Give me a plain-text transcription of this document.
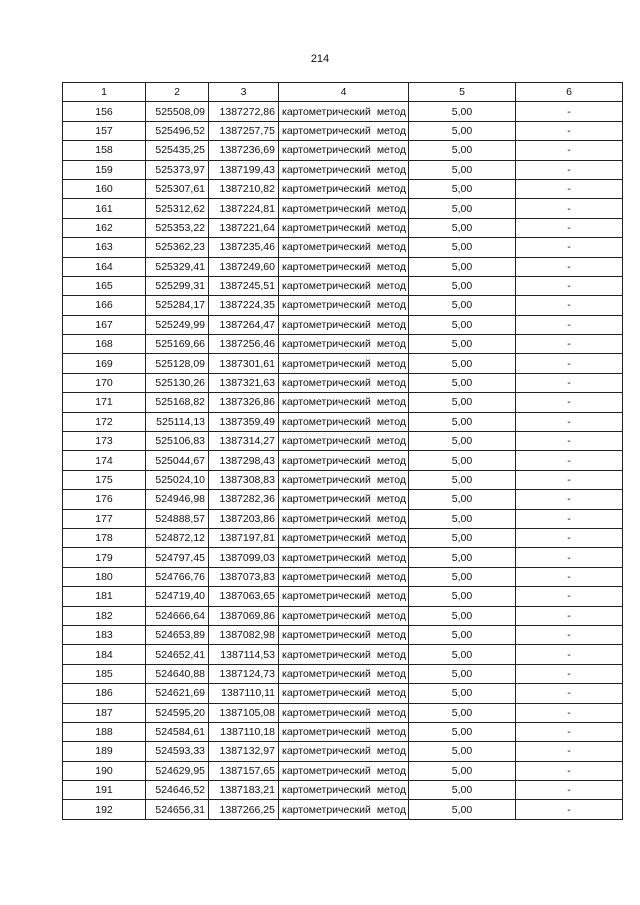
214
1	2	3	4	5	6
156	525508,09	1387272,86	картометрический метод	5,00	-
157	525496,52	1387257,75	картометрический метод	5,00	-
158	525435,25	1387236,69	картометрический метод	5,00	-
159	525373,97	1387199,43	картометрический метод	5,00	-
160	525307,61	1387210,82	картометрический метод	5,00	-
161	525312,62	1387224,81	картометрический метод	5,00	-
162	525353,22	1387221,64	картометрический метод	5,00	-
163	525362,23	1387235,46	картометрический метод	5,00	-
164	525329,41	1387249,60	картометрический метод	5,00	-
165	525299,31	1387245,51	картометрический метод	5,00	-
166	525284,17	1387224,35	картометрический метод	5,00	-
167	525249,99	1387264,47	картометрический метод	5,00	-
168	525169,66	1387256,46	картометрический метод	5,00	-
169	525128,09	1387301,61	картометрический метод	5,00	-
170	525130,26	1387321,63	картометрический метод	5,00	-
171	525168,82	1387326,86	картометрический метод	5,00	-
172	525114,13	1387359,49	картометрический метод	5,00	-
173	525106,83	1387314,27	картометрический метод	5,00	-
174	525044,67	1387298,43	картометрический метод	5,00	-
175	525024,10	1387308,83	картометрический метод	5,00	-
176	524946,98	1387282,36	картометрический метод	5,00	-
177	524888,57	1387203,86	картометрический метод	5,00	-
178	524872,12	1387197,81	картометрический метод	5,00	-
179	524797,45	1387099,03	картометрический метод	5,00	-
180	524766,76	1387073,83	картометрический метод	5,00	-
181	524719,40	1387063,65	картометрический метод	5,00	-
182	524666,64	1387069,86	картометрический метод	5,00	-
183	524653,89	1387082,98	картометрический метод	5,00	-
184	524652,41	1387114,53	картометрический метод	5,00	-
185	524640,88	1387124,73	картометрический метод	5,00	-
186	524621,69	1387110,11	картометрический метод	5,00	-
187	524595,20	1387105,08	картометрический метод	5,00	-
188	524584,61	1387110,18	картометрический метод	5,00	-
189	524593,33	1387132,97	картометрический метод	5,00	-
190	524629,95	1387157,65	картометрический метод	5,00	-
191	524646,52	1387183,21	картометрический метод	5,00	-
192	524656,31	1387266,25	картометрический метод	5,00	-
